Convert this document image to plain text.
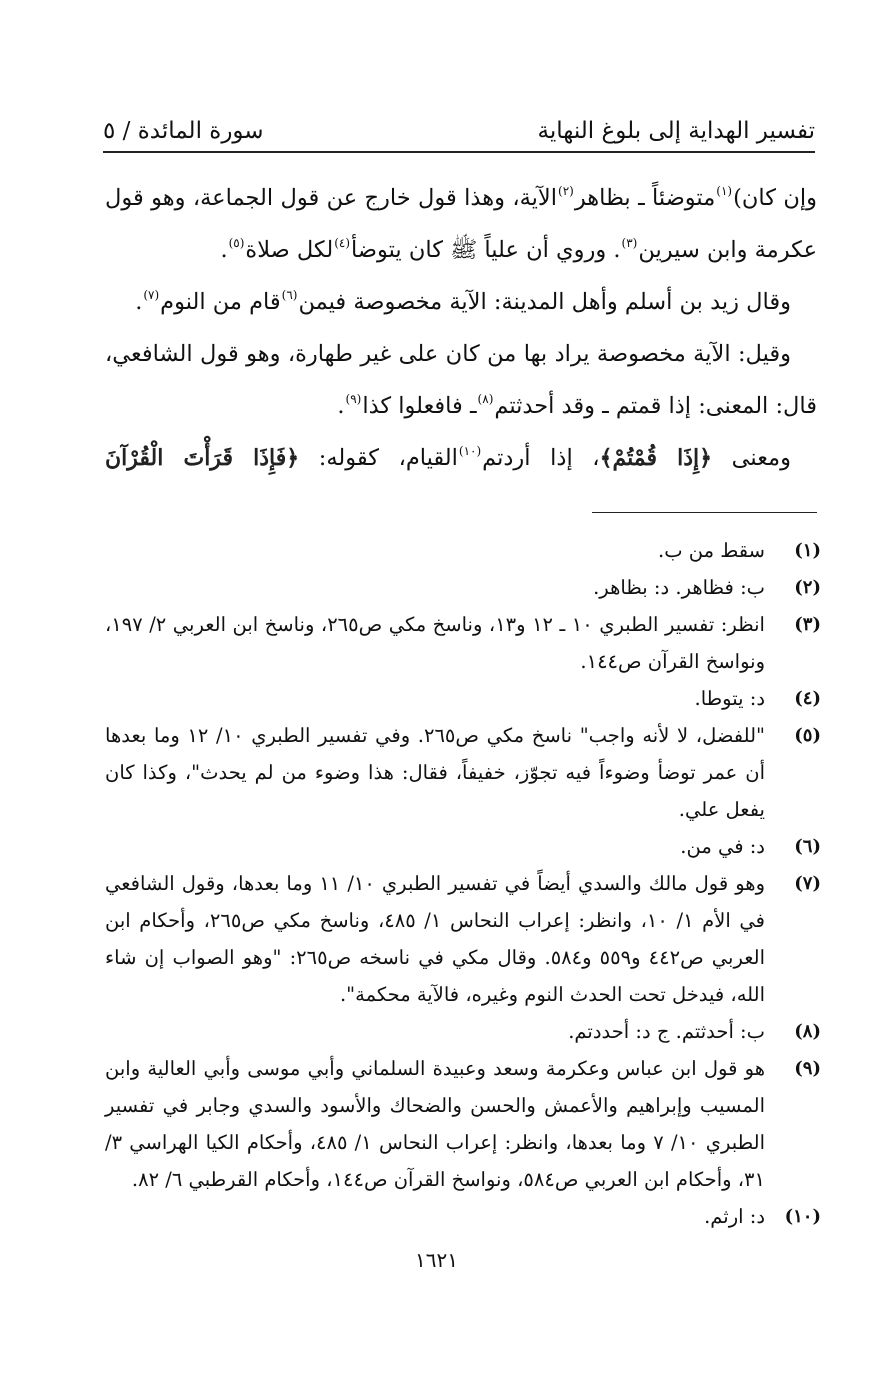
تفسير الهداية إلى بلوغ النهاية
سورة المائدة / ٥

وإن كان)$^{(١)}$متوضئاً ـ بظاهر$^{(٢)}$الآية، وهذا قول خارج عن قول الجماعة، وهو قول عكرمة وابن سيرين$^{(٣)}$. وروي أن علياً ﷺ كان يتوضأ$^{(٤)}$لكل صلاة$^{(٥)}$.

وقال زيد بن أسلم وأهل المدينة: الآية مخصوصة فيمن$^{(٦)}$قام من النوم$^{(٧)}$.

وقيل: الآية مخصوصة يراد بها من كان على غير طهارة، وهو قول الشافعي، قال: المعنى: إذا قمتم ـ وقد أحدثتم$^{(٨)}$ـ فافعلوا كذا$^{(٩)}$.

ومعنى ﴿إِذَا قُمْتُمْ﴾، إذا أردتم$^{(١٠)}$القيام، كقوله: ﴿فَإِذَا قَرَأْتَ الْقُرْآنَ

(١)
سقط من ب.
(٢)
ب: فظاهر. د: بظاهر.
(٣)
انظر: تفسير الطبري ١٠ ـ ١٢ و١٣، وناسخ مكي ص٢٦٥، وناسخ ابن العربي ٢/ ١٩٧، ونواسخ القرآن ص١٤٤.
(٤)
د: يتوطا.
(٥)
"للفضل، لا لأنه واجب" ناسخ مكي ص٢٦٥. وفي تفسير الطبري ١٠/ ١٢ وما بعدها أن عمر توضأ وضوءاً فيه تجوّز، خفيفاً، فقال: هذا وضوء من لم يحدث"، وكذا كان يفعل علي.
(٦)
د: في من.
(٧)
وهو قول مالك والسدي أيضاً في تفسير الطبري ١٠/ ١١ وما بعدها، وقول الشافعي في الأم ١/ ١٠، وانظر: إعراب النحاس ١/ ٤٨٥، وناسخ مكي ص٢٦٥، وأحكام ابن العربي ص٤٤٢ و٥٥٩ و٥٨٤. وقال مكي في ناسخه ص٢٦٥: "وهو الصواب إن شاء الله، فيدخل تحت الحدث النوم وغيره، فالآية محكمة".
(٨)
ب: أحدثتم. ج د: أحددتم.
(٩)
هو قول ابن عباس وعكرمة وسعد وعبيدة السلماني وأبي موسى وأبي العالية وابن المسيب وإبراهيم والأعمش والحسن والضحاك والأسود والسدي وجابر في تفسير الطبري ١٠/ ٧ وما بعدها، وانظر: إعراب النحاس ١/ ٤٨٥، وأحكام الكيا الهراسي ٣/ ٣١، وأحكام ابن العربي ص٥٨٤، ونواسخ القرآن ص١٤٤، وأحكام القرطبي ٦/ ٨٢.
(١٠)
د: ارثم.
١٦٢١
